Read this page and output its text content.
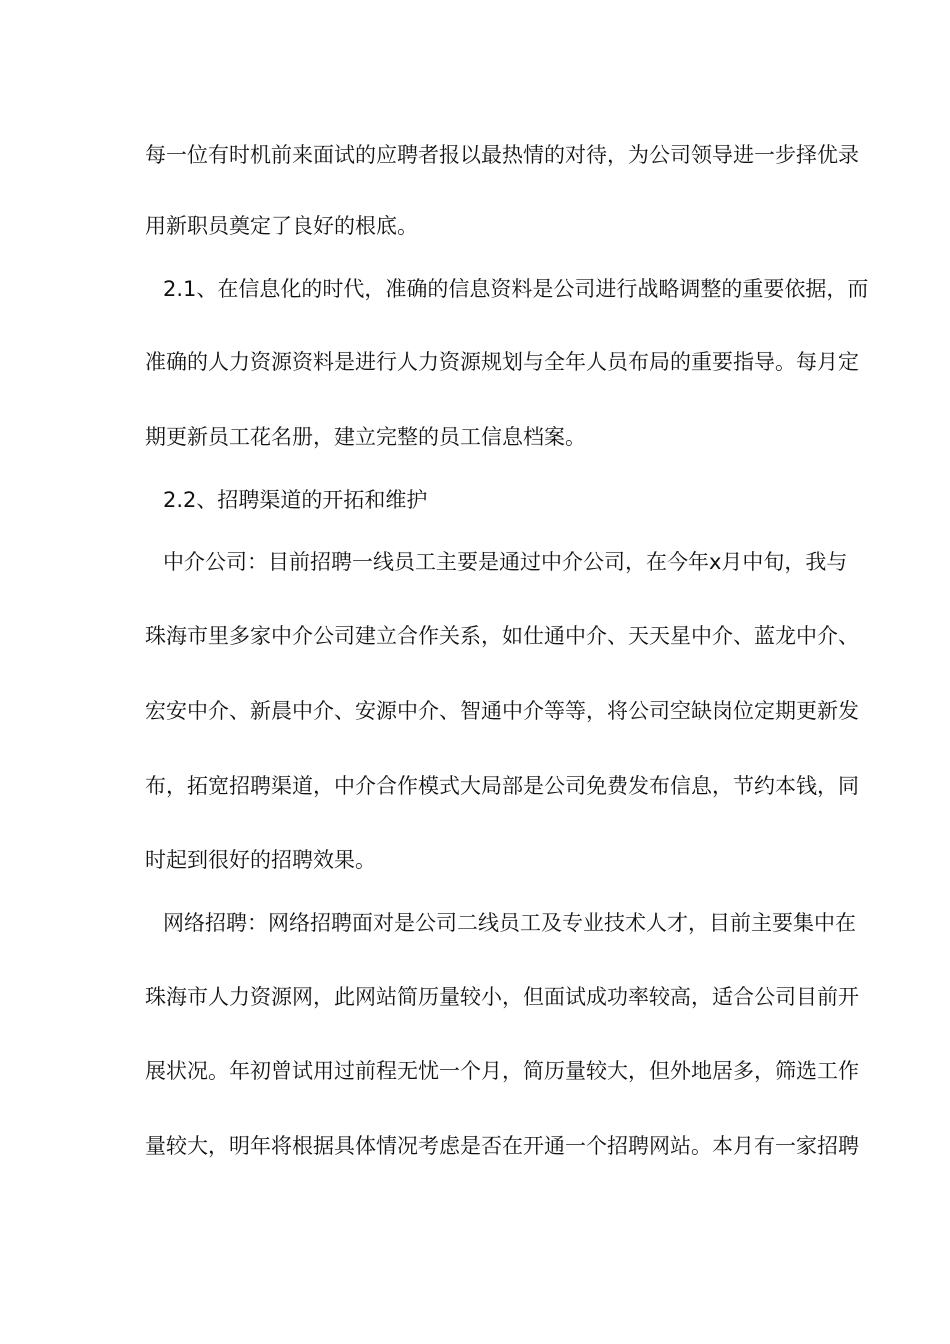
每一位有时机前来面试的应聘者报以最热情的对待，为公司领导进一步择优录
用新职员奠定了良好的根底。
2.1、在信息化的时代，准确的信息资料是公司进行战略调整的重要依据，而
准确的人力资源资料是进行人力资源规划与全年人员布局的重要指导。每月定
期更新员工花名册，建立完整的员工信息档案。
2.2、招聘渠道的开拓和维护
中介公司：目前招聘一线员工主要是通过中介公司，在今年x月中旬，我与
珠海市里多家中介公司建立合作关系，如仕通中介、天天星中介、蓝龙中介、
宏安中介、新晨中介、安源中介、智通中介等等，将公司空缺岗位定期更新发
布，拓宽招聘渠道，中介合作模式大局部是公司免费发布信息，节约本钱，同
时起到很好的招聘效果。
网络招聘：网络招聘面对是公司二线员工及专业技术人才，目前主要集中在
珠海市人力资源网，此网站简历量较小，但面试成功率较高，适合公司目前开
展状况。年初曾试用过前程无忧一个月，简历量较大，但外地居多，筛选工作
量较大，明年将根据具体情况考虑是否在开通一个招聘网站。本月有一家招聘
